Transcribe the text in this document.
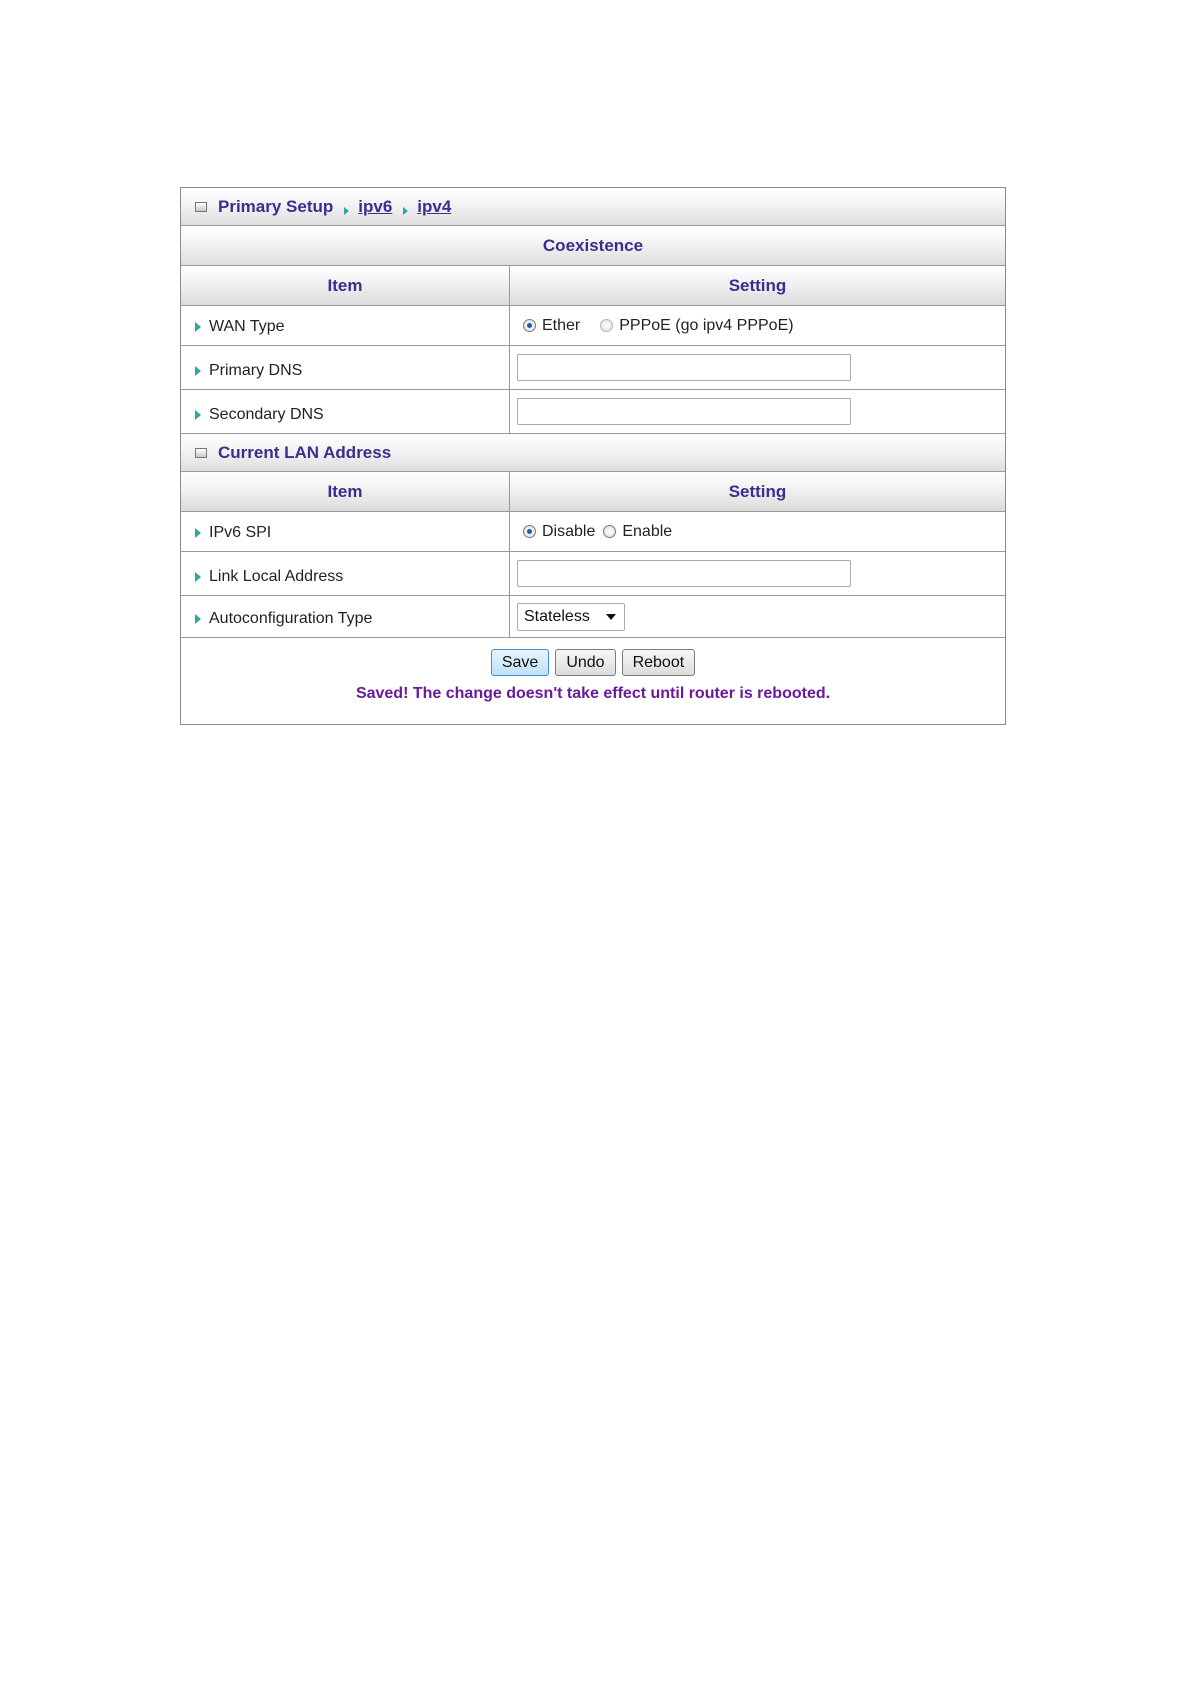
Primary Setup ipv6 ipv4
Coexistence
Item	Setting
WAN Type	Ether PPPoE (go ipv4 PPPoE)
Primary DNS
Secondary DNS
Current LAN Address
Item	Setting
IPv6 SPI	Disable Enable
Link Local Address
Autoconfiguration Type	Stateless
Save	Undo	Reboot
Saved! The change doesn't take effect until router is rebooted.
